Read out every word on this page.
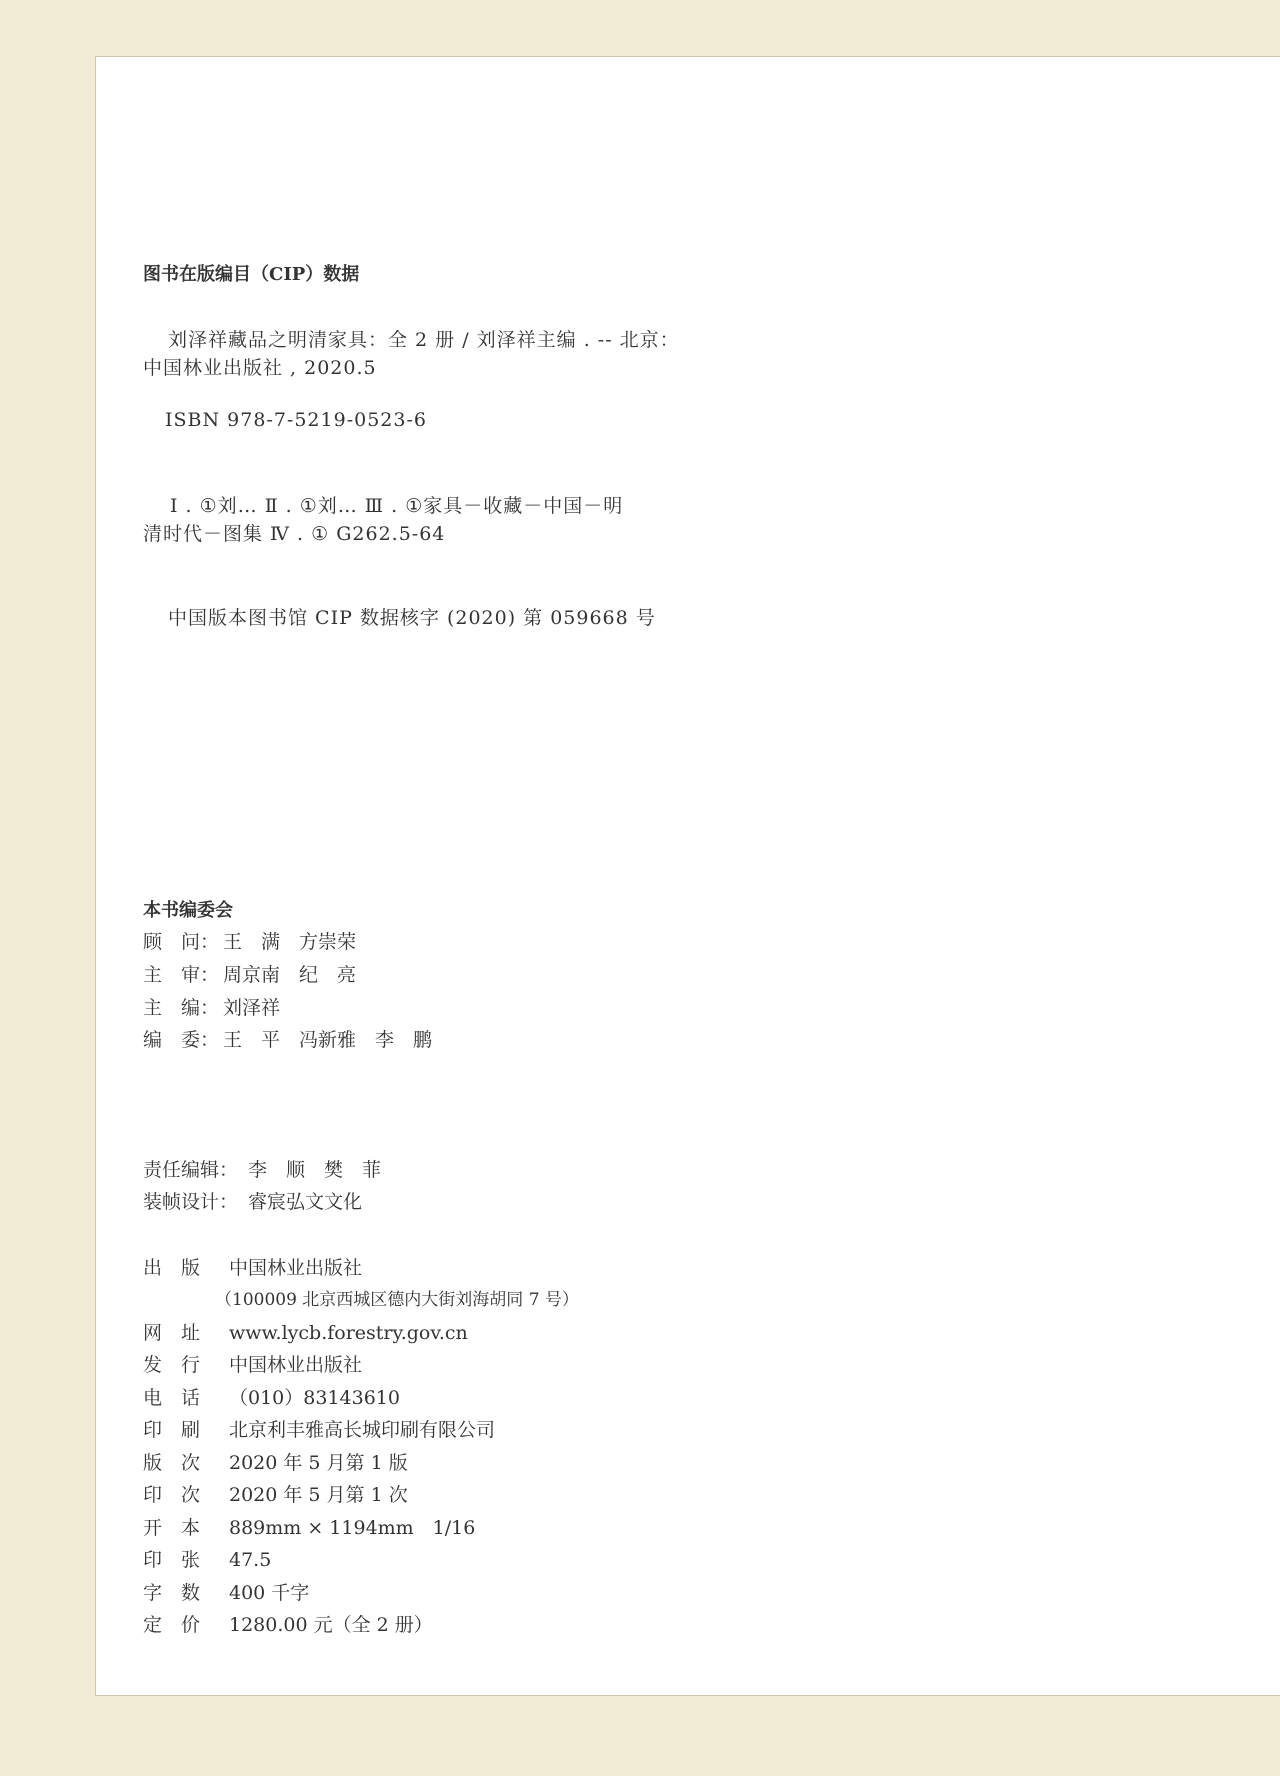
图书在版编目（CIP）数据
刘泽祥藏品之明清家具：全 2 册 / 刘泽祥主编 . -- 北京：
中国林业出版社 , 2020.5
ISBN 978-7-5219-0523-6
Ⅰ . ①刘… Ⅱ . ①刘… Ⅲ . ①家具－收藏－中国－明
清时代－图集 Ⅳ . ① G262.5-64
中国版本图书馆 CIP 数据核字 (2020) 第 059668 号
本书编委会
顾　问： 王　满　方崇荣
主　审： 周京南　纪　亮
主　编： 刘泽祥
编　委： 王　平　冯新雅　李　鹏
责任编辑： 李　顺　樊　菲
装帧设计： 睿宸弘文文化
出　版 中国林业出版社
（100009 北京西城区德内大街刘海胡同 7 号）
网　址 www.lycb.forestry.gov.cn
发　行 中国林业出版社
电　话 （010）83143610
印　刷 北京利丰雅高长城印刷有限公司
版　次 2020 年 5 月第 1 版
印　次 2020 年 5 月第 1 次
开　本 889mm × 1194mm　1/16
印　张 47.5
字　数 400 千字
定　价 1280.00 元（全 2 册）
